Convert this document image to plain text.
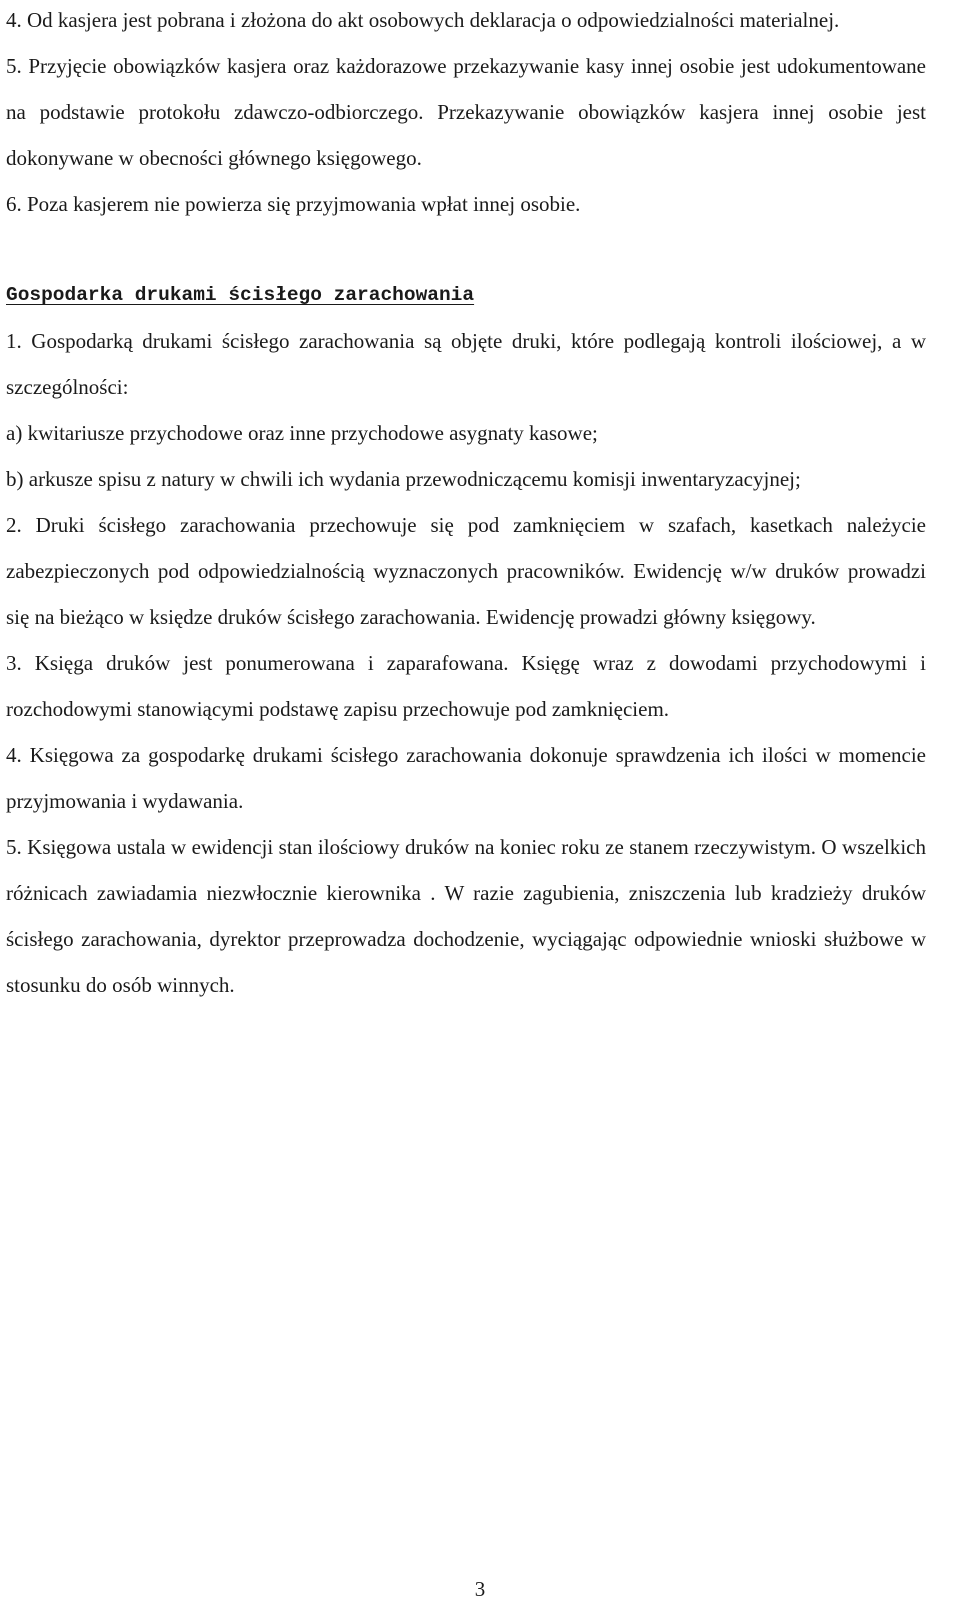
4. Od kasjera jest pobrana i złożona do akt osobowych deklaracja o odpowiedzialności materialnej.

5. Przyjęcie obowiązków kasjera oraz każdorazowe przekazywanie kasy innej osobie jest udokumentowane na podstawie protokołu zdawczo-odbiorczego. Przekazywanie obowiązków kasjera innej osobie jest dokonywane w obecności głównego księgowego.

6. Poza kasjerem nie powierza się przyjmowania wpłat innej osobie.

Gospodarka drukami ścisłego zarachowania

1. Gospodarką drukami ścisłego zarachowania są objęte druki, które podlegają kontroli ilościowej, a w szczególności:

a) kwitariusze przychodowe oraz inne przychodowe asygnaty kasowe;

b) arkusze spisu z natury w chwili ich wydania przewodniczącemu komisji inwentaryzacyjnej;

2. Druki ścisłego zarachowania przechowuje się pod zamknięciem w szafach, kasetkach należycie zabezpieczonych pod odpowiedzialnością wyznaczonych pracowników. Ewidencję w/w druków prowadzi się na bieżąco w księdze druków ścisłego zarachowania. Ewidencję prowadzi główny księgowy.

3. Księga druków jest ponumerowana i zaparafowana. Księgę wraz z dowodami przychodowymi i rozchodowymi stanowiącymi podstawę zapisu przechowuje pod zamknięciem.

4. Księgowa za gospodarkę drukami ścisłego zarachowania dokonuje sprawdzenia ich ilości w momencie przyjmowania i wydawania.

5. Księgowa ustala w ewidencji stan ilościowy druków na koniec roku ze stanem rzeczywistym. O wszelkich różnicach zawiadamia niezwłocznie kierownika . W razie zagubienia, zniszczenia lub kradzieży druków ścisłego zarachowania, dyrektor przeprowadza dochodzenie, wyciągając odpowiednie wnioski służbowe w stosunku do osób winnych.

3
